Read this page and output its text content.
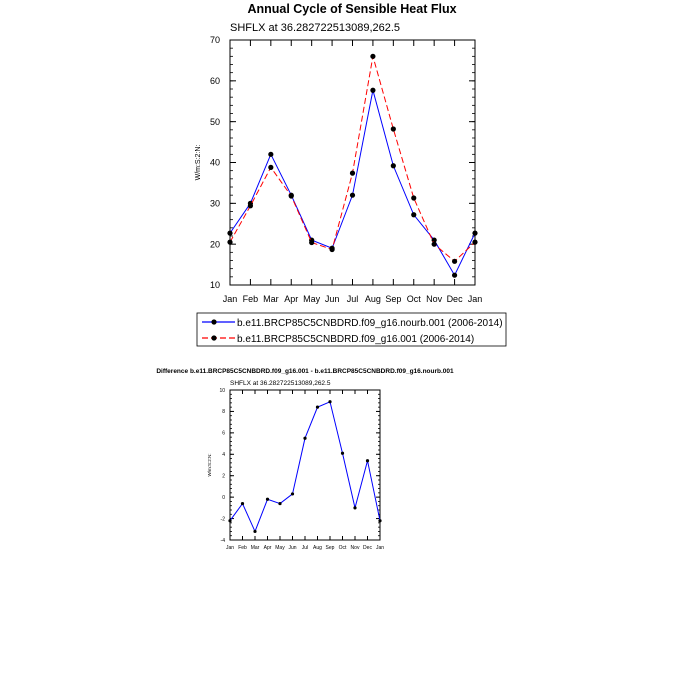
Annual Cycle of Sensible Heat Flux
SHFLX at 36.282722513089,262.5
10
20
30
40
50
60
70
Jan Feb Mar Apr May Jun Jul Aug Sep Oct Nov Dec Jan
W/m:S:2:N:
b.e11.BRCP85C5CNBDRD.f09_g16.nourb.001 (2006-2014)
b.e11.BRCP85C5CNBDRD.f09_g16.001 (2006-2014)
Difference b.e11.BRCP85C5CNBDRD.f09_g16.001 - b.e11.BRCP85C5CNBDRD.f09_g16.nourb.001
SHFLX at 36.282722513089,262.5
-4
-2
0
2
4
6
8
10
Jan Feb Mar Apr May Jun Jul Aug Sep Oct Nov Dec Jan
W/m:S:2:N:
